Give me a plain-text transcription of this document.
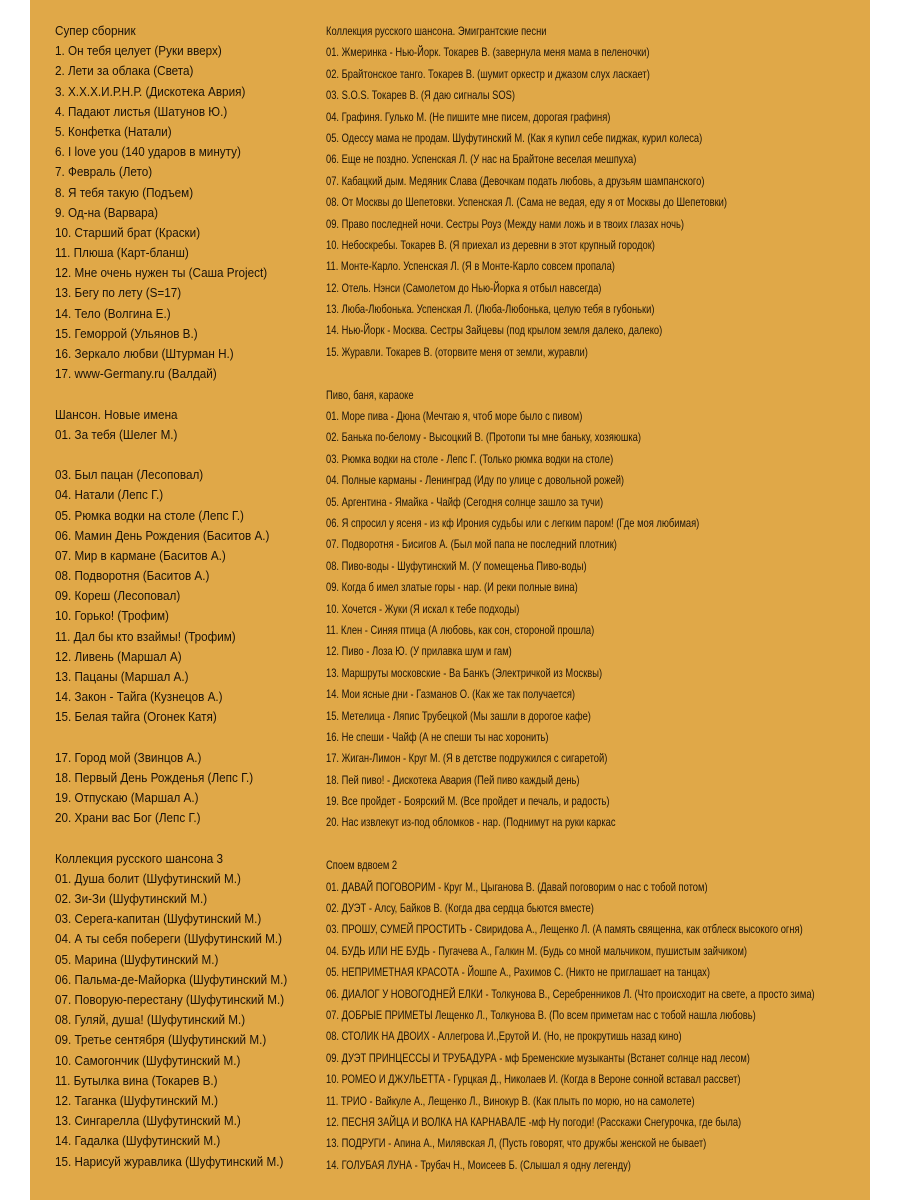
Супер сборник
1. Он тебя целует (Руки вверх)
2. Лети за облака (Света)
3. Х.Х.Х.И.Р.Н.Р. (Дискотека Аврия)
4. Падают листья (Шатунов Ю.)
5. Конфетка (Натали)
6. I love you (140 ударов в минуту)
7. Февраль (Лето)
8. Я тебя такую (Подъем)
9. Од-на (Варвара)
10. Старший брат (Краски)
11. Плюша (Карт-бланш)
12. Мне очень нужен ты (Саша Project)
13. Бегу по лету (S=17)
14. Тело (Волгина Е.)
15. Геморрой (Ульянов В.)
16. Зеркало любви (Штурман Н.)
17. www-Germany.ru (Валдай)
Шансон. Новые имена
01. За тебя (Шелег М.)
03. Был пацан (Лесоповал)
04. Натали (Лепс Г.)
05. Рюмка водки на столе (Лепс Г.)
06. Мамин День Рождения (Баситов А.)
07. Мир в кармане (Баситов А.)
08. Подворотня (Баситов А.)
09. Кореш (Лесоповал)
10. Горько! (Трофим)
11. Дал бы кто взаймы! (Трофим)
12. Ливень (Маршал А)
13. Пацаны (Маршал А.)
14. Закон - Тайга (Кузнецов А.)
15. Белая тайга (Огонек Катя)
17. Город мой (Звинцов А.)
18. Первый День Рожденья (Лепс Г.)
19. Отпускаю (Маршал А.)
20. Храни вас Бог (Лепс Г.)
Коллекция русского шансона 3
01. Душа болит (Шуфутинский М.)
02. Зи-Зи (Шуфутинский М.)
03. Серега-капитан (Шуфутинский М.)
04. А ты себя побереги (Шуфутинский М.)
05. Марина (Шуфутинский М.)
06. Пальма-де-Майорка (Шуфутинский М.)
07. Поворую-перестану (Шуфутинский М.)
08. Гуляй, душа! (Шуфутинский М.)
09. Третье сентября (Шуфутинский М.)
10. Самогончик (Шуфутинский М.)
11. Бутылка вина (Токарев В.)
12. Таганка (Шуфутинский М.)
13. Сингарелла (Шуфутинский М.)
14. Гадалка (Шуфутинский М.)
15. Нарисуй журавлика (Шуфутинский М.)
Коллекция русского шансона. Эмигрантские песни
01. Жмеринка - Нью-Йорк. Токарев В. (завернула меня мама в пеленочки)
02. Брайтонское танго. Токарев В. (шумит оркестр и джазом слух ласкает)
03. S.O.S. Токарев В. (Я даю сигналы SOS)
04. Графиня. Гулько М. (Не пишите мне писем, дорогая графиня)
05. Одессу мама не продам. Шуфутинский М. (Как я купил себе пиджак, курил колеса)
06. Еще не поздно. Успенская Л. (У нас на Брайтоне веселая мешпуха)
07. Кабацкий дым. Медяник Слава (Девочкам подать любовь, а друзьям шампанского)
08. От Москвы до Шепетовки. Успенская Л. (Сама не ведая, еду я от Москвы до Шепетовки)
09. Право последней ночи. Сестры Роуз (Между нами ложь и в твоих глазах ночь)
10. Небоскребы. Токарев В. (Я приехал из деревни в этот крупный городок)
11. Монте-Карло. Успенская Л. (Я в Монте-Карло совсем пропала)
12. Отель. Нэнси (Самолетом до Нью-Йорка я отбыл навсегда)
13. Люба-Любонька. Успенская Л. (Люба-Любонька, целую тебя в губоньки)
14. Нью-Йорк - Москва. Сестры Зайцевы (под крылом земля далеко, далеко)
15. Журавли. Токарев В. (оторвите меня от земли, журавли)
Пиво, баня, караоке
01. Море пива - Дюна (Мечтаю я, чтоб море было с пивом)
02. Банька по-белому - Высоцкий В. (Протопи ты мне баньку, хозяюшка)
03. Рюмка водки на столе - Лепс Г. (Только рюмка водки на столе)
04. Полные карманы - Ленинград (Иду по улице с довольной рожей)
05. Аргентина - Ямайка - Чайф (Сегодня солнце зашло за тучи)
06. Я спросил у ясеня - из кф Ирония судьбы или с легким паром! (Где моя любимая)
07. Подворотня - Бисигов А. (Был мой папа не последний плотник)
08. Пиво-воды - Шуфутинский М. (У помещеньа Пиво-воды)
09. Когда б имел златые горы - нар. (И реки полные вина)
10. Хочется - Жуки (Я искал к тебе подходы)
11. Клен - Синяя птица (А любовь, как сон, стороной прошла)
12. Пиво - Лоза Ю. (У прилавка шум и гам)
13. Маршруты московские - Ва Банкъ (Электричкой из Москвы)
14. Мои ясные дни - Газманов О. (Как же так получается)
15. Метелица - Ляпис Трубецкой (Мы зашли в дорогое кафе)
16. Не спеши - Чайф (А не спеши ты нас хоронить)
17. Жиган-Лимон - Круг М. (Я в детстве подружился с сигаретой)
18. Пей пиво! - Дискотека Авария (Пей пиво каждый день)
19. Все пройдет - Боярский М. (Все пройдет и печаль, и радость)
20. Нас извлекут из-под обломков - нар. (Поднимут на руки каркас
Споем вдвоем 2
01. ДАВАЙ ПОГОВОРИМ - Круг М., Цыганова В. (Давай поговорим о нас с тобой потом)
02. ДУЭТ - Алсу, Байков В. (Когда два сердца бьются вместе)
03. ПРОШУ, СУМЕЙ ПРОСТИТЬ - Свиридова А., Лещенко Л. (А память священна, как отблеск высокого огня)
04. БУДЬ ИЛИ НЕ БУДЬ - Пугачева А., Галкин М. (Будь со мной мальчиком, пушистым зайчиком)
05. НЕПРИМЕТНАЯ КРАСОТА - Йошпе А., Рахимов С. (Никто не приглашает на танцах)
06. ДИАЛОГ У НОВОГОДНЕЙ ЕЛКИ - Толкунова В., Серебренников Л. (Что происходит на свете, а просто зима)
07. ДОБРЫЕ ПРИМЕТЫ Лещенко Л., Толкунова В. (По всем приметам нас с тобой нашла любовь)
08. СТОЛИК НА ДВОИХ - Аллегрова И.,Ерутой И. (Но, не прокрутишь назад кино)
09. ДУЭТ ПРИНЦЕССЫ И ТРУБАДУРА - мф Бременские музыканты (Встанет солнце над лесом)
10. РОМЕО И ДЖУЛЬЕТТА - Гурцкая Д., Николаев И. (Когда в Вероне сонной вставал рассвет)
11. ТРИО - Вайкуле А., Лещенко Л., Винокур В. (Как плыть по морю, но на самолете)
12. ПЕСНЯ ЗАЙЦА И ВОЛКА НА КАРНАВАЛЕ -мф Ну погоди! (Расскажи Снегурочка, где была)
13. ПОДРУГИ - Апина А., Милявская Л, (Пусть говорят, что дружбы женской не бывает)
14. ГОЛУБАЯ ЛУНА - Трубач Н., Моисеев Б. (Слышал я одну легенду)
